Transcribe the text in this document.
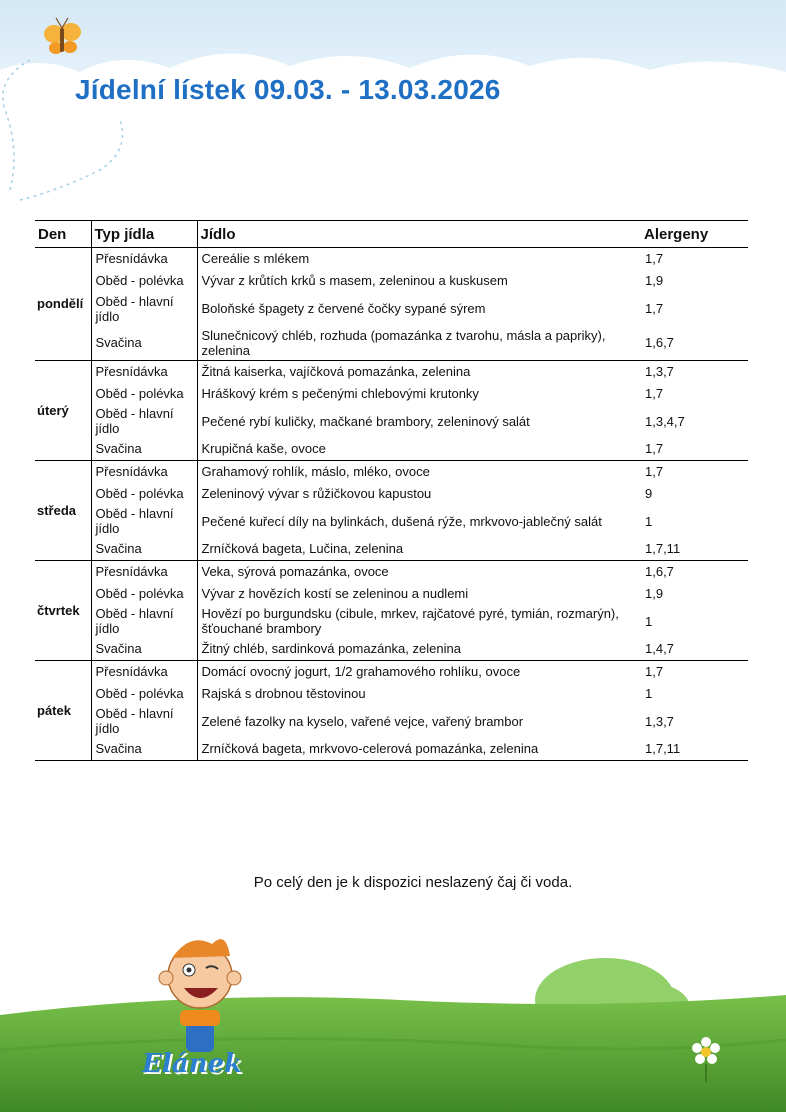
Elánek
Jídelní lístek 09.03. - 13.03.2026
Den	Typ jídla	Jídlo	Alergeny
pondělí	Přesnídávka	Cereálie s mlékem	1,7
	Oběd - polévka	Vývar z krůtích krků s masem, zeleninou a kuskusem	1,9
	Oběd - hlavní jídlo	Boloňské špagety z červené čočky sypané sýrem	1,7
	Svačina	Slunečnicový chléb, rozhuda (pomazánka z tvarohu, másla a papriky), zelenina	1,6,7
úterý	Přesnídávka	Žitná kaiserka, vajíčková pomazánka, zelenina	1,3,7
	Oběd - polévka	Hráškový krém s pečenými chlebovými krutonky	1,7
	Oběd - hlavní jídlo	Pečené rybí kuličky, mačkané brambory, zeleninový salát	1,3,4,7
	Svačina	Krupičná kaše, ovoce	1,7
středa	Přesnídávka	Grahamový rohlík, máslo, mléko, ovoce	1,7
	Oběd - polévka	Zeleninový vývar s růžičkovou kapustou	9
	Oběd - hlavní jídlo	Pečené kuřecí díly na bylinkách, dušená rýže, mrkvovo-jablečný salát	1
	Svačina	Zrníčková bageta, Lučina, zelenina	1,7,11
čtvrtek	Přesnídávka	Veka, sýrová pomazánka, ovoce	1,6,7
	Oběd - polévka	Vývar z hovězích kostí se zeleninou a nudlemi	1,9
	Oběd - hlavní jídlo	Hovězí po burgundsku (cibule, mrkev, rajčatové pyré, tymián, rozmarýn), šťouchané brambory	1
	Svačina	Žitný chléb, sardinková pomazánka, zelenina	1,4,7
pátek	Přesnídávka	Domácí ovocný jogurt, 1/2 grahamového rohlíku, ovoce	1,7
	Oběd - polévka	Rajská s drobnou těstovinou	1
	Oběd - hlavní jídlo	Zelené fazolky na kyselo, vařené vejce, vařený brambor	1,3,7
	Svačina	Zrníčková bageta, mrkvovo-celerová pomazánka, zelenina	1,7,11
Po celý den je k dispozici neslazený čaj či voda.
